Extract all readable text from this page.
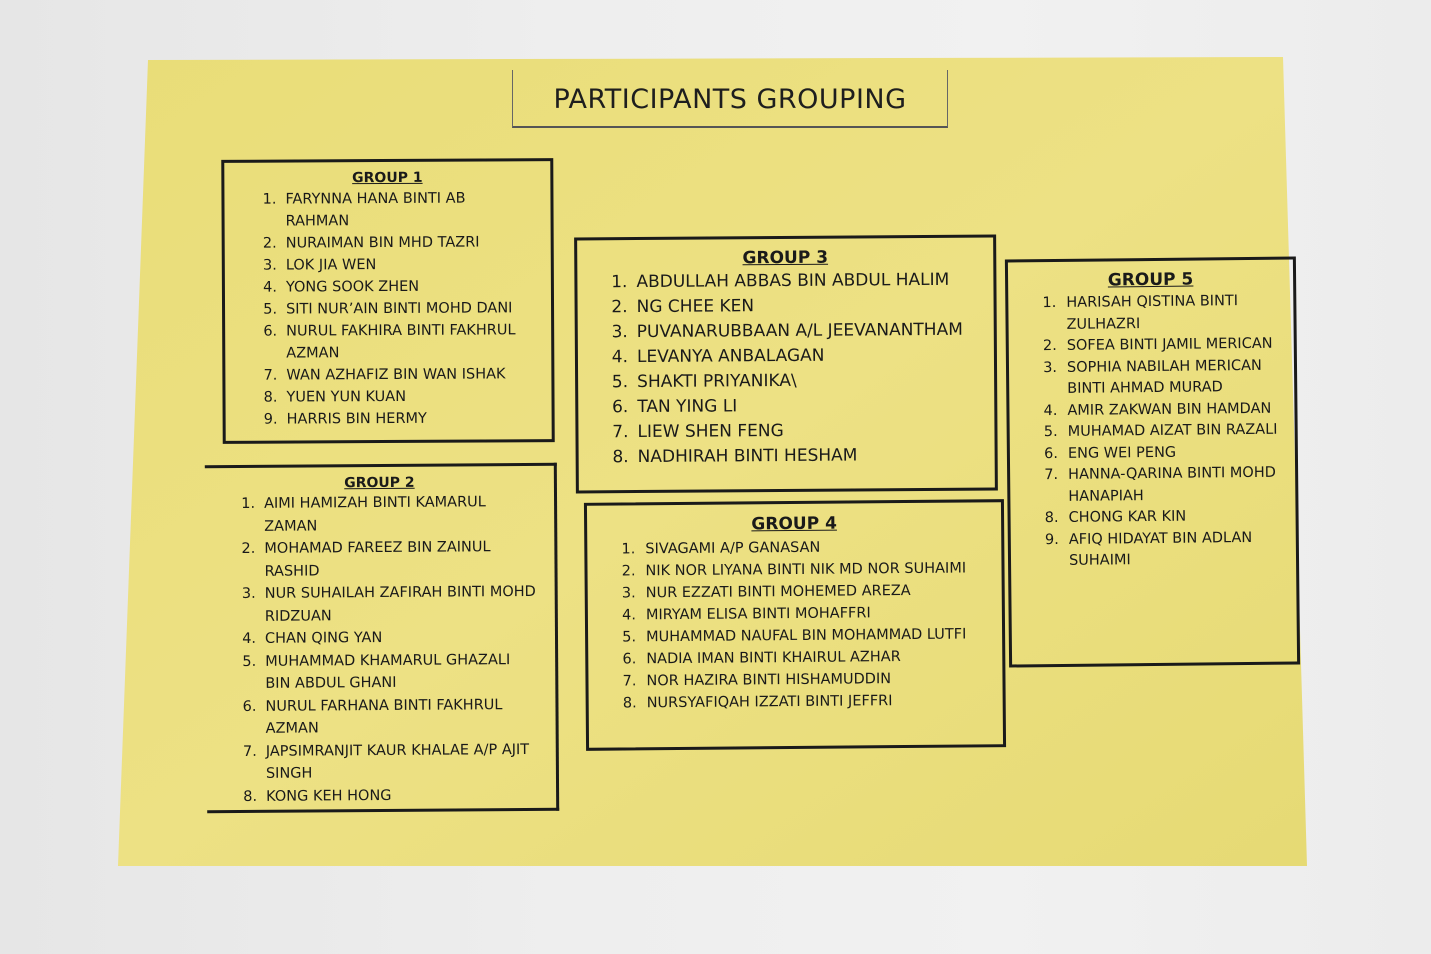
PARTICIPANTS GROUPING
GROUP 1
1. FARYNNA HANA BINTI AB RAHMAN
2. NURAIMAN BIN MHD TAZRI
3. LOK JIA WEN
4. YONG SOOK ZHEN
5. SITI NUR’AIN BINTI MOHD DANI
6. NURUL FAKHIRA BINTI FAKHRUL AZMAN
7. WAN AZHAFIZ BIN WAN ISHAK
8. YUEN YUN KUAN
9. HARRIS BIN HERMY
GROUP 2
1. AIMI HAMIZAH BINTI KAMARUL ZAMAN
2. MOHAMAD FAREEZ BIN ZAINUL RASHID
3. NUR SUHAILAH ZAFIRAH BINTI MOHD RIDZUAN
4. CHAN QING YAN
5. MUHAMMAD KHAMARUL GHAZALI BIN ABDUL GHANI
6. NURUL FARHANA BINTI FAKHRUL AZMAN
7. JAPSIMRANJIT KAUR KHALAE A/P AJIT SINGH
8. KONG KEH HONG
GROUP 3
1. ABDULLAH ABBAS BIN ABDUL HALIM
2. NG CHEE KEN
3. PUVANARUBBAAN A/L JEEVANANTHAM
4. LEVANYA ANBALAGAN
5. SHAKTI PRIYANIKA\
6. TAN YING LI
7. LIEW SHEN FENG
8. NADHIRAH BINTI HESHAM
GROUP 4
1. SIVAGAMI A/P GANASAN
2. NIK NOR LIYANA BINTI NIK MD NOR SUHAIMI
3. NUR EZZATI BINTI MOHEMED AREZA
4. MIRYAM ELISA BINTI MOHAFFRI
5. MUHAMMAD NAUFAL BIN MOHAMMAD LUTFI
6. NADIA IMAN BINTI KHAIRUL AZHAR
7. NOR HAZIRA BINTI HISHAMUDDIN
8. NURSYAFIQAH IZZATI BINTI JEFFRI
GROUP 5
1. HARISAH QISTINA BINTI ZULHAZRI
2. SOFEA BINTI JAMIL MERICAN
3. SOPHIA NABILAH MERICAN BINTI AHMAD MURAD
4. AMIR ZAKWAN BIN HAMDAN
5. MUHAMAD AIZAT BIN RAZALI
6. ENG WEI PENG
7. HANNA-QARINA BINTI MOHD HANAPIAH
8. CHONG KAR KIN
9. AFIQ HIDAYAT BIN ADLAN SUHAIMI
